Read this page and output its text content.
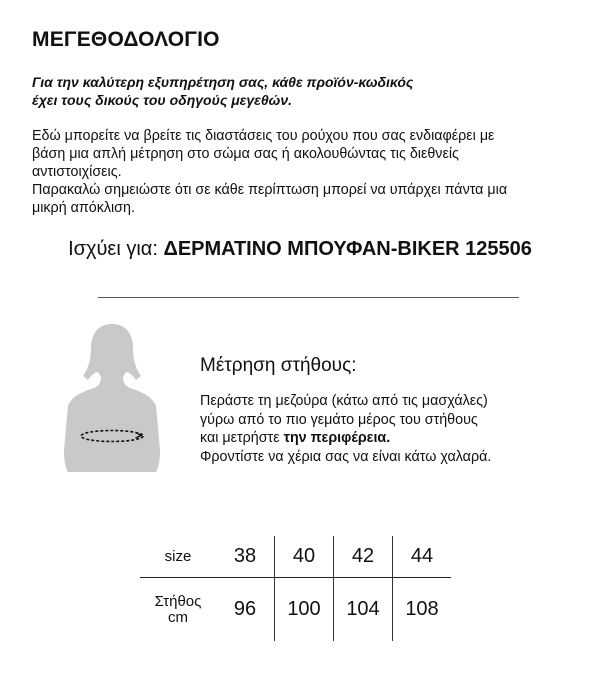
ΜΕΓΕΘΟΔΟΛΟΓΙΟ
Για την καλύτερη εξυπηρέτηση σας, κάθε προϊόν-κωδικός
έχει τους δικούς του οδηγούς μεγεθών.
Εδώ μπορείτε να βρείτε τις διαστάσεις του ρούχου που σας ενδιαφέρει με
βάση μια απλή μέτρηση στο σώμα σας ή ακολουθώντας τις διεθνείς
αντιστοιχίσεις.
Παρακαλώ σημειώστε ότι σε κάθε περίπτωση μπορεί να υπάρχει πάντα μια
μικρή απόκλιση.
Ισχύει για: ΔΕΡΜΑΤΙΝΟ ΜΠΟΥΦΑΝ-BIKER 125506
Μέτρηση στήθους:
Περάστε τη μεζούρα (κάτω από τις μασχάλες)
γύρω από το πιο γεμάτο μέρος του στήθους
και μετρήστε την περιφέρεια.
Φροντίστε να χέρια σας να είναι κάτω χαλαρά.
size	38	40	42	44
Στήθος
cm	96	100	104	108
